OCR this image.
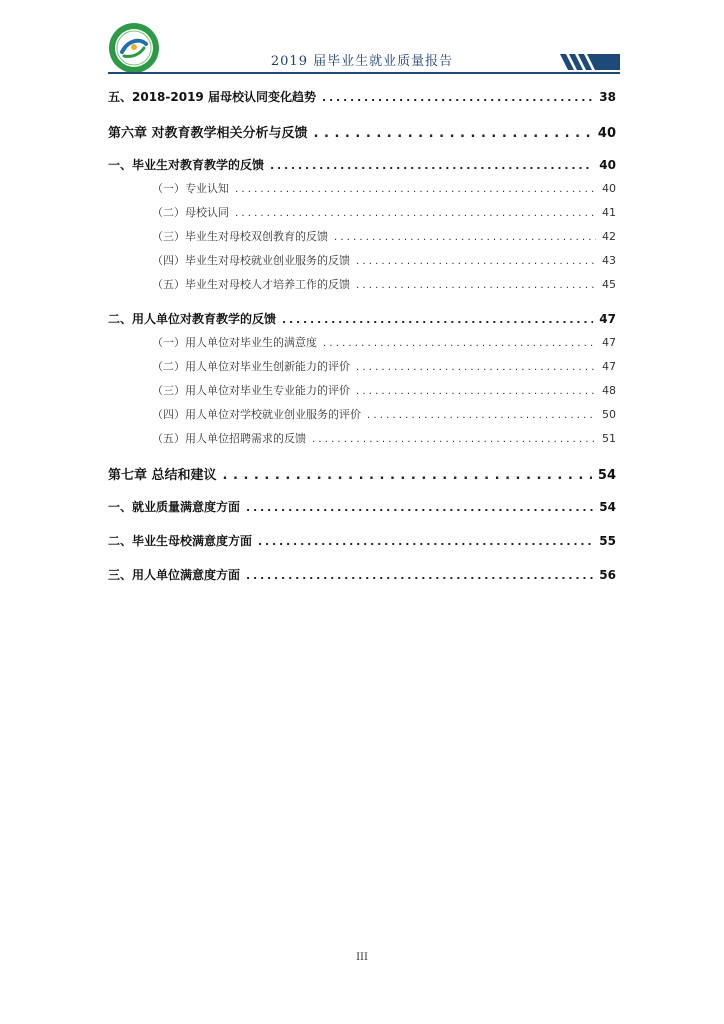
2019 届毕业生就业质量报告
五、2018-2019 届母校认同变化趋势 . . .	38
第六章 对教育教学相关分析与反馈 . . .	40
一、毕业生对教育教学的反馈 . . .	40
（一）专业认知 . . .	40
（二）母校认同 . . .	41
（三）毕业生对母校双创教育的反馈 . . .	42
（四）毕业生对母校就业创业服务的反馈 . . .	43
（五）毕业生对母校人才培养工作的反馈 . . .	45
二、用人单位对教育教学的反馈 . . .	47
（一）用人单位对毕业生的满意度 . . .	47
（二）用人单位对毕业生创新能力的评价 . . .	47
（三）用人单位对毕业生专业能力的评价 . . .	48
（四）用人单位对学校就业创业服务的评价 . . .	50
（五）用人单位招聘需求的反馈 . . .	51
第七章 总结和建议 . . .	54
一、就业质量满意度方面 . . .	54
二、毕业生母校满意度方面 . . .	55
三、用人单位满意度方面 . . .	56
III
